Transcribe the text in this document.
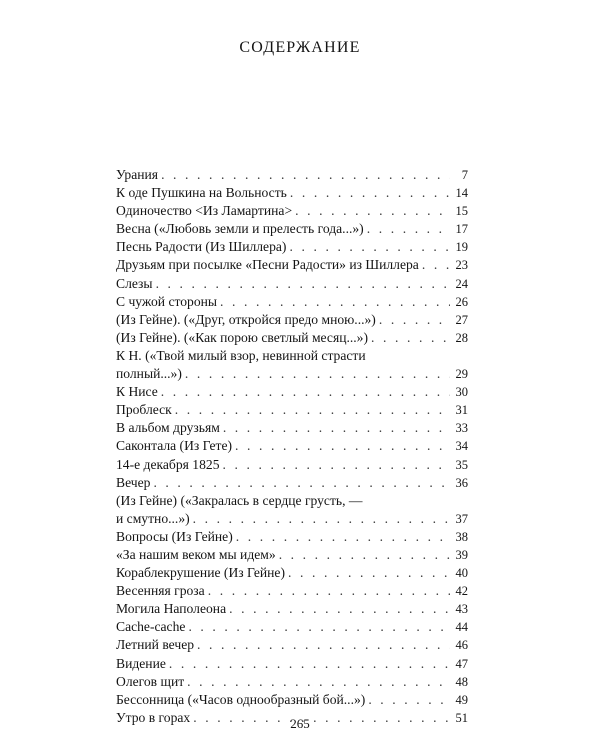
СОДЕРЖАНИЕ
Урания . . .	7
К оде Пушкина на Вольность . . .	14
Одиночество <Из Ламартина> . . .	15
Весна («Любовь земли и прелесть года...») . . .	17
Песнь Радости (Из Шиллера) . . .	19
Друзьям при посылке «Песни Радости» из Шиллера . . .	23
Слезы . . .	24
С чужой стороны . . .	26
(Из Гейне). («Друг, откройся предо мною...») . . .	27
(Из Гейне). («Как порою светлый месяц...») . . .	28
К Н. («Твой милый взор, невинной страсти
полный...») . . .	29
К Нисе . . .	30
Проблеск . . .	31
В альбом друзьям . . .	33
Саконтала (Из Гете) . . .	34
14-е декабря 1825 . . .	35
Вечер . . .	36
(Из Гейне) («Закралась в сердце грусть, —
и смутно...») . . .	37
Вопросы (Из Гейне) . . .	38
«За нашим веком мы идем» . . .	39
Кораблекрушение (Из Гейне) . . .	40
Весенняя гроза . . .	42
Могила Наполеона . . .	43
Cache-cache . . .	44
Летний вечер . . .	46
Видение . . .	47
Олегов щит . . .	48
Бессонница («Часов однообразный бой...») . . .	49
Утро в горах . . .	51
265
